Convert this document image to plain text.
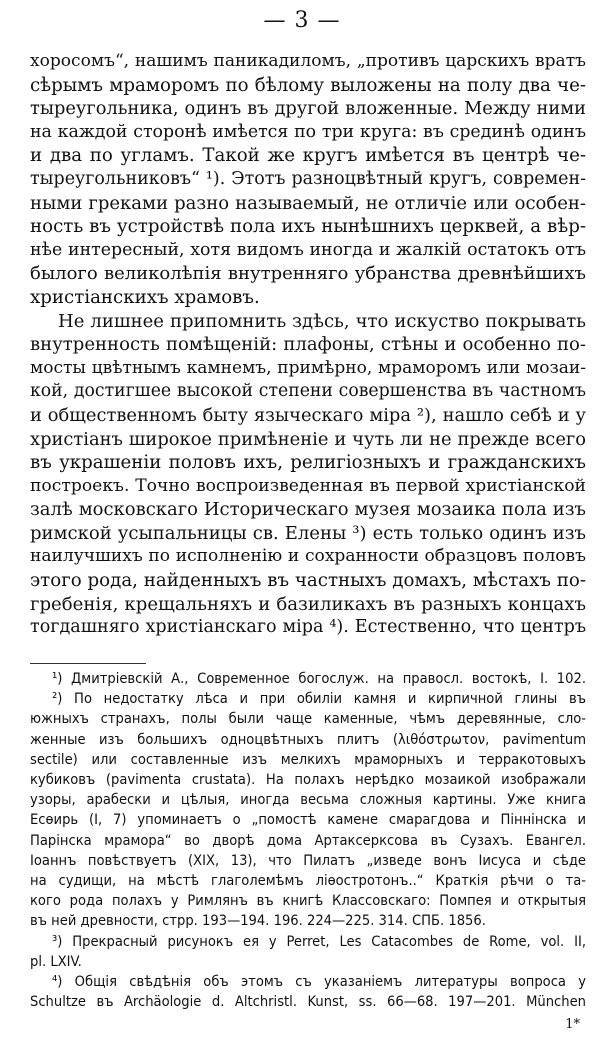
— 3 —
хоросомъ“, нашимъ паникадиломъ, „противъ царскихъ вратъ
сѣрымъ мраморомъ по бѣлому выложены на полу два че-
тыреугольника, одинъ въ другой вложенные. Между ними
на каждой сторонѣ имѣется по три круга: въ срединѣ одинъ
и два по угламъ. Такой же кругъ имѣется въ центрѣ че-
тыреугольниковъ“ ¹). Этотъ разноцвѣтный кругъ, современ-
ными греками разно называемый, не отличіе или особен-
ность въ устройствѣ пола ихъ нынѣшнихъ церквей, а вѣр-
нѣе интересный, хотя видомъ иногда и жалкій остатокъ отъ
былого великолѣпія внутренняго убранства древнѣйшихъ
христіанскихъ храмовъ.
Не лишнее припомнить здѣсь, что искуство покрывать
внутренность помѣщеній: плафоны, стѣны и особенно по-
мосты цвѣтнымъ камнемъ, примѣрно, мраморомъ или мозаи-
кой, достигшее высокой степени совершенства въ частномъ
и общественномъ быту языческаго міра ²), нашло себѣ и у
христіанъ широкое примѣненіе и чуть ли не прежде всего
въ украшеніи половъ ихъ, религіозныхъ и гражданскихъ
построекъ. Точно воспроизведенная въ первой христіанской
залѣ московскаго Историческаго музея мозаика пола изъ
римской усыпальницы св. Елены ³) есть только одинъ изъ
наилучшихъ по исполненію и сохранности образцовъ половъ
этого рода, найденныхъ въ частныхъ домахъ, мѣстахъ по-
гребенія, крещальняхъ и базиликахъ въ разныхъ концахъ
тогдашняго христіанскаго міра ⁴). Естественно, что центръ
¹) Дмитріевскій А., Современное богослуж. на правосл. востокѣ, I. 102.
²) По недостатку лѣса и при обиліи камня и кирпичной глины въ
южныхъ странахъ, полы были чаще каменные, чѣмъ деревянные, сло-
женные изъ большихъ одноцвѣтныхъ плитъ (λιθόστρωτον, pavimentum
sectile) или составленные изъ мелкихъ мраморныхъ и терракотовыхъ
кубиковъ (pavimenta crustata). На полахъ нерѣдко мозаикой изображали
узоры, арабески и цѣлыя, иногда весьма сложныя картины. Уже книга
Есѳирь (I, 7) упоминаетъ о „помостѣ каменe смарагдова и Пiннiнска и
Парінска мрамора“ во дворѣ дома Артаксерксова въ Сузахъ. Евангел.
Іоаннъ повѣствуетъ (XIX, 13), что Пилатъ „изведе вонъ Іисуса и сѣде
на судищи, на мѣстѣ глаголемѣмъ лiѳостротонъ..“ Краткія рѣчи о та-
кого рода полахъ у Римлянъ въ книгѣ Классовскаго: Помпея и открытыя
въ ней древности, стрр. 193—194. 196. 224—225. 314. СПБ. 1856.
³) Прекрасный рисунокъ ея у Perret, Les Catacombes de Rome, vol. II,
pl. LXIV.
⁴) Общія свѣдѣнія объ этомъ съ указаніемъ литературы вопроса у
Schultze въ Archäologie d. Altchristl. Kunst, ss. 66—68. 197—201. München
1*
